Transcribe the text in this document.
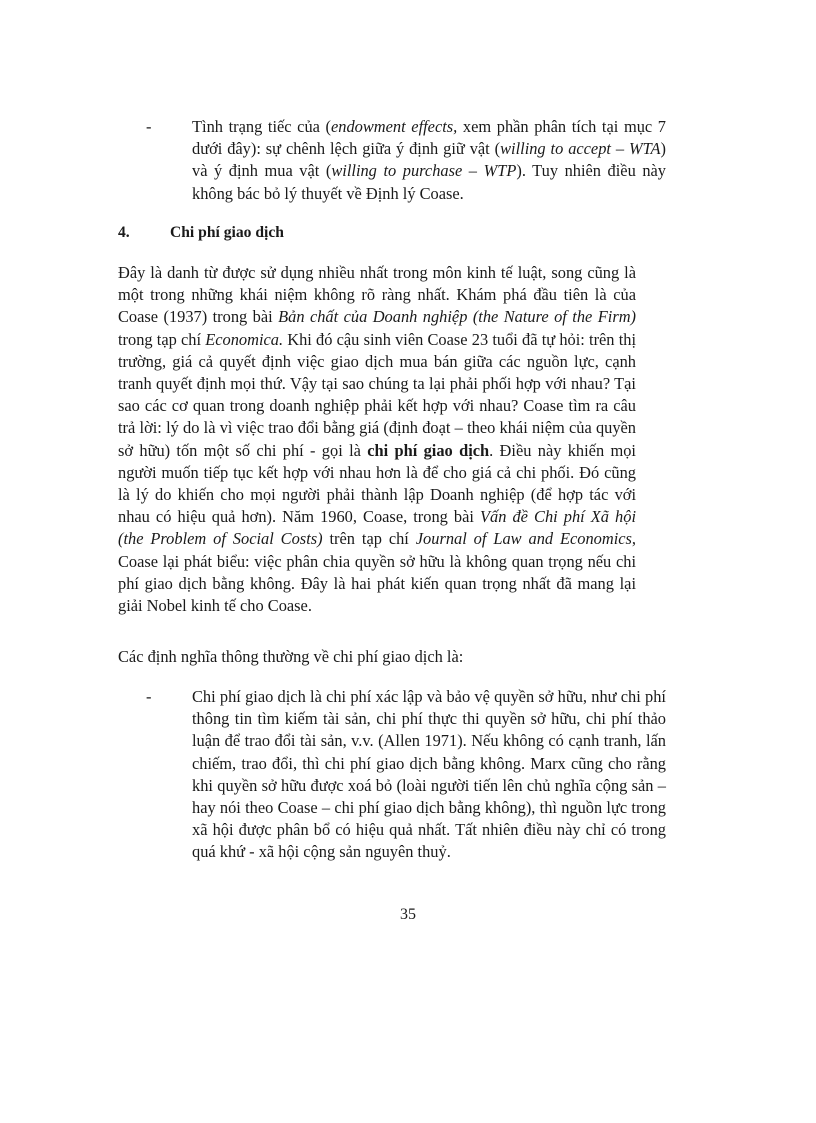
- Tình trạng tiếc của (endowment effects, xem phần phân tích tại mục 7 dưới đây): sự chênh lệch giữa ý định giữ vật (willing to accept – WTA) và ý định mua vật (willing to purchase – WTP). Tuy nhiên điều này không bác bỏ lý thuyết về Định lý Coase.

4.	Chi phí giao dịch

Đây là danh từ được sử dụng nhiều nhất trong môn kinh tế luật, song cũng là một trong những khái niệm không rõ ràng nhất. Khám phá đầu tiên là của Coase (1937) trong bài Bản chất của Doanh nghiệp (the Nature of the Firm) trong tạp chí Economica. Khi đó cậu sinh viên Coase 23 tuổi đã tự hỏi: trên thị trường, giá cả quyết định việc giao dịch mua bán giữa các nguồn lực, cạnh tranh quyết định mọi thứ. Vậy tại sao chúng ta lại phải phối hợp với nhau? Tại sao các cơ quan trong doanh nghiệp phải kết hợp với nhau? Coase tìm ra câu trả lời: lý do là vì việc trao đổi bằng giá (định đoạt – theo khái niệm của quyền sở hữu) tốn một số chi phí - gọi là chi phí giao dịch. Điều này khiến mọi người muốn tiếp tục kết hợp với nhau hơn là để cho giá cả chi phối. Đó cũng là lý do khiến cho mọi người phải thành lập Doanh nghiệp (để hợp tác với nhau có hiệu quả hơn). Năm 1960, Coase, trong bài Vấn đề Chi phí Xã hội (the Problem of Social Costs) trên tạp chí Journal of Law and Economics, Coase lại phát biểu: việc phân chia quyền sở hữu là không quan trọng nếu chi phí giao dịch bằng không. Đây là hai phát kiến quan trọng nhất đã mang lại giải Nobel kinh tế cho Coase.

Các định nghĩa thông thường về chi phí giao dịch là:

- Chi phí giao dịch là chi phí xác lập và bảo vệ quyền sở hữu, như chi phí thông tin tìm kiếm tài sản, chi phí thực thi quyền sở hữu, chi phí thảo luận để trao đổi tài sản, v.v. (Allen 1971). Nếu không có cạnh tranh, lấn chiếm, trao đổi, thì chi phí giao dịch bằng không. Marx cũng cho rằng khi quyền sở hữu được xoá bỏ (loài người tiến lên chủ nghĩa cộng sản – hay nói theo Coase – chi phí giao dịch bằng không), thì nguồn lực trong xã hội được phân bổ có hiệu quả nhất. Tất nhiên điều này chỉ có trong quá khứ - xã hội cộng sản nguyên thuỷ.

35
